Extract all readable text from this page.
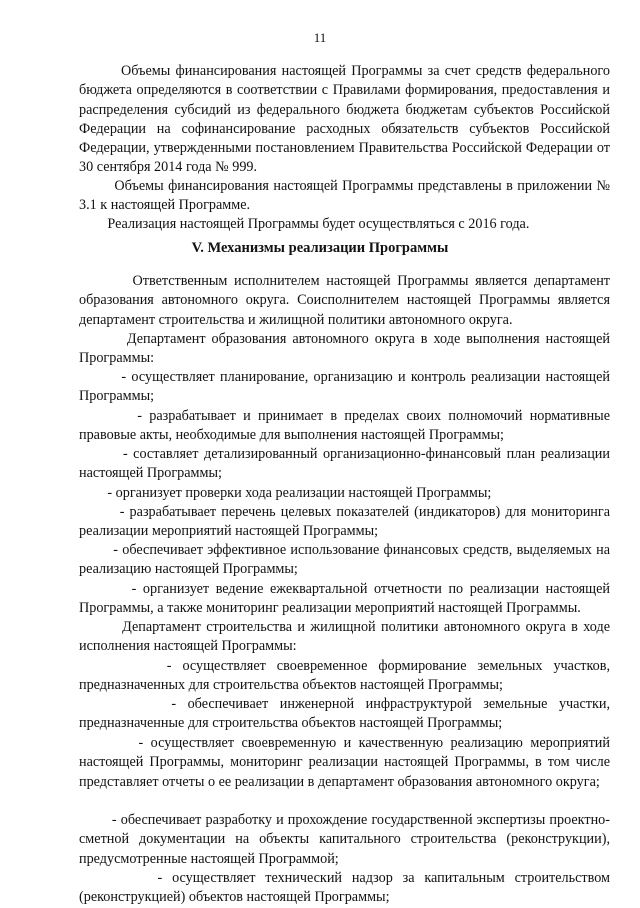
11

Объемы финансирования настоящей Программы за счет средств федерального бюджета определяются в соответствии с Правилами формирования, предоставления и распределения субсидий из федерального бюджета бюджетам субъектов Российской Федерации на софинансирование расходных обязательств субъектов Российской Федерации, утвержденными постановлением Правительства Российской Федерации от 30 сентября 2014 года № 999.

Объемы финансирования настоящей Программы представлены в приложении № 3.1 к настоящей Программе.

Реализация настоящей Программы будет осуществляться с 2016 года.

V. Механизмы реализации Программы

Ответственным исполнителем настоящей Программы является департамент образования автономного округа. Соисполнителем настоящей Программы является департамент строительства и жилищной политики автономного округа.

Департамент образования автономного округа в ходе выполнения настоящей Программы:

- осуществляет планирование, организацию и контроль реализации настоящей Программы;

- разрабатывает и принимает в пределах своих полномочий нормативные правовые акты, необходимые для выполнения настоящей Программы;

- составляет детализированный организационно-финансовый план реализации настоящей Программы;

- организует проверки хода реализации настоящей Программы;

- разрабатывает перечень целевых показателей (индикаторов) для мониторинга реализации мероприятий настоящей Программы;

- обеспечивает эффективное использование финансовых средств, выделяемых на реализацию настоящей Программы;

- организует ведение ежеквартальной отчетности по реализации настоящей Программы, а также мониторинг реализации мероприятий настоящей Программы.

Департамент строительства и жилищной политики автономного округа в ходе исполнения настоящей Программы:

- осуществляет своевременное формирование земельных участков, предназначенных для строительства объектов настоящей Программы;

- обеспечивает инженерной инфраструктурой земельные участки, предназначенные для строительства объектов настоящей Программы;

- осуществляет своевременную и качественную реализацию мероприятий настоящей Программы, мониторинг реализации настоящей Программы, в том числе представляет отчеты о ее реализации в департамент образования автономного округа;

- обеспечивает разработку и прохождение государственной экспертизы проектно-сметной документации на объекты капитального строительства (реконструкции), предусмотренные настоящей Программой;

- осуществляет технический надзор за капитальным строительством (реконструкцией) объектов настоящей Программы;
